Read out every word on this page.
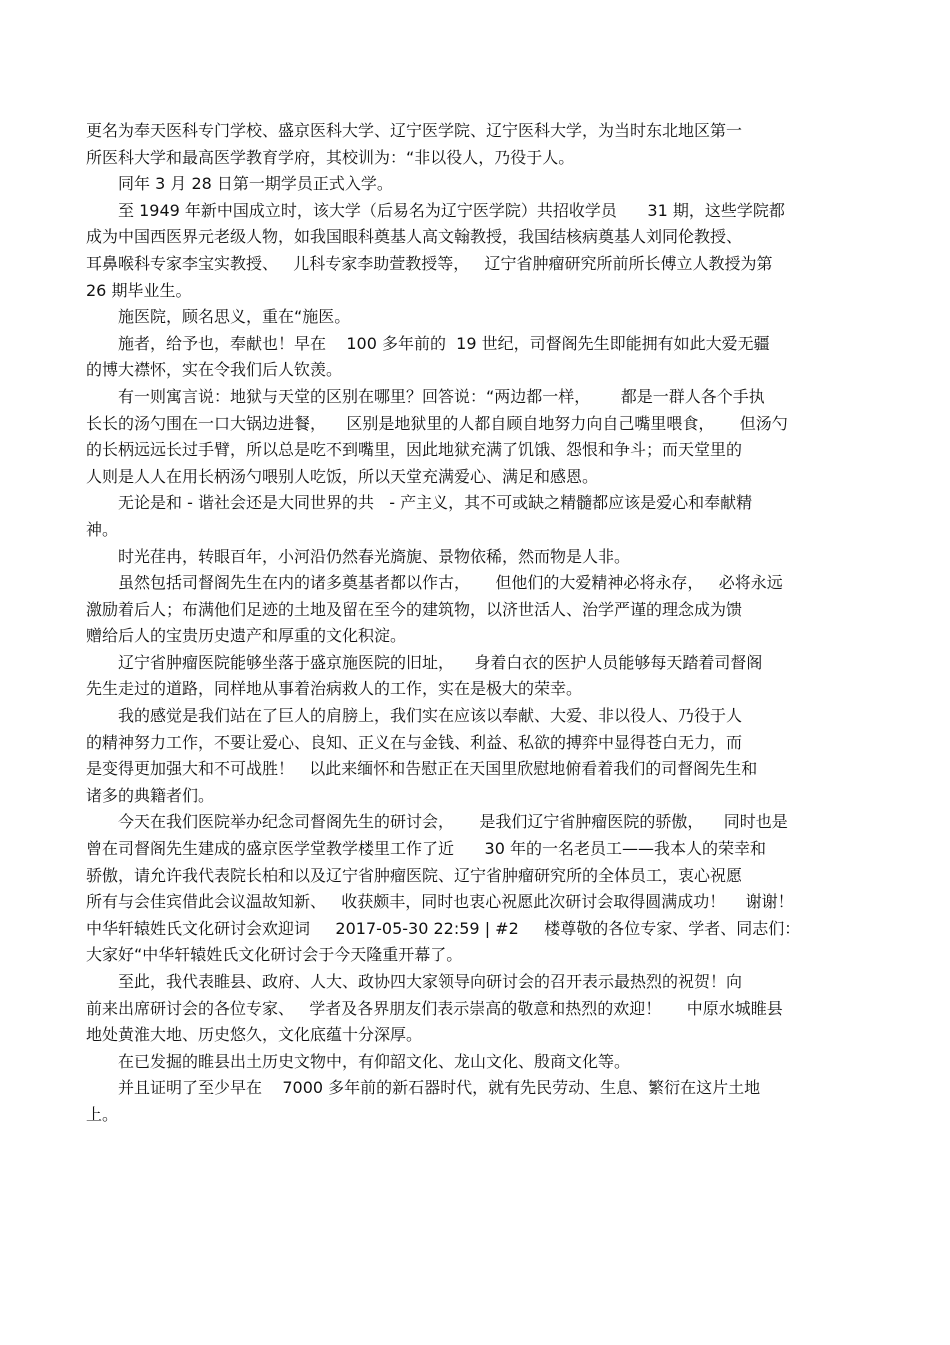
更名为奉天医科专门学校、盛京医科大学、辽宁医学院、辽宁医科大学，为当时东北地区第一
所医科大学和最高医学教育学府，其校训为：“非以役人，乃役于人。
同年 3 月 28 日第一期学员正式入学。
至 1949 年新中国成立时，该大学（后易名为辽宁医学院）共招收学员      31 期，这些学院都
成为中国西医界元老级人物，如我国眼科奠基人高文翰教授，我国结核病奠基人刘同伦教授、
耳鼻喉科专家李宝实教授、   儿科专家李助萱教授等，   辽宁省肿瘤研究所前所长傅立人教授为第
26 期毕业生。
施医院，顾名思义，重在“施医。
施者，给予也，奉献也！早在    100 多年前的  19 世纪，司督阁先生即能拥有如此大爱无疆
的博大襟怀，实在令我们后人钦羡。
有一则寓言说：地狱与天堂的区别在哪里？回答说：“两边都一样，      都是一群人各个手执
长长的汤勺围在一口大锅边进餐，    区别是地狱里的人都自顾自地努力向自己嘴里喂食，     但汤勺
的长柄远远长过手臂，所以总是吃不到嘴里，因此地狱充满了饥饿、怨恨和争斗；而天堂里的
人则是人人在用长柄汤勺喂别人吃饭，所以天堂充满爱心、满足和感恩。
无论是和 - 谐社会还是大同世界的共   - 产主义，其不可或缺之精髓都应该是爱心和奉献精
神。
时光荏冉，转眼百年，小河沿仍然春光旖旎、景物依稀，然而物是人非。
虽然包括司督阁先生在内的诸多奠基者都以作古，     但他们的大爱精神必将永存，   必将永远
激励着后人；布满他们足迹的土地及留在至今的建筑物，以济世活人、治学严谨的理念成为馈
赠给后人的宝贵历史遗产和厚重的文化积淀。
辽宁省肿瘤医院能够坐落于盛京施医院的旧址，    身着白衣的医护人员能够每天踏着司督阁
先生走过的道路，同样地从事着治病救人的工作，实在是极大的荣幸。
我的感觉是我们站在了巨人的肩膀上，我们实在应该以奉献、大爱、非以役人、乃役于人
的精神努力工作，不要让爱心、良知、正义在与金钱、利益、私欲的搏弈中显得苍白无力，而
是变得更加强大和不可战胜！   以此来缅怀和告慰正在天国里欣慰地俯看着我们的司督阁先生和
诸多的典籍者们。
今天在我们医院举办纪念司督阁先生的研讨会，     是我们辽宁省肿瘤医院的骄傲，    同时也是
曾在司督阁先生建成的盛京医学堂教学楼里工作了近      30 年的一名老员工——我本人的荣幸和
骄傲，请允许我代表院长柏和以及辽宁省肿瘤医院、辽宁省肿瘤研究所的全体员工，衷心祝愿
所有与会佳宾借此会议温故知新、   收获颇丰，同时也衷心祝愿此次研讨会取得圆满成功！    谢谢！
中华轩辕姓氏文化研讨会欢迎词     2017-05-30 22:59 | #2     楼尊敬的各位专家、学者、同志们：
大家好“中华轩辕姓氏文化研讨会于今天隆重开幕了。
至此，我代表睢县、政府、人大、政协四大家领导向研讨会的召开表示最热烈的祝贺！向
前来出席研讨会的各位专家、   学者及各界朋友们表示崇高的敬意和热烈的欢迎！     中原水城睢县
地处黄淮大地、历史悠久，文化底蕴十分深厚。
在已发掘的睢县出土历史文物中，有仰韶文化、龙山文化、殷商文化等。
并且证明了至少早在    7000 多年前的新石器时代，就有先民劳动、生息、繁衍在这片土地
上。
